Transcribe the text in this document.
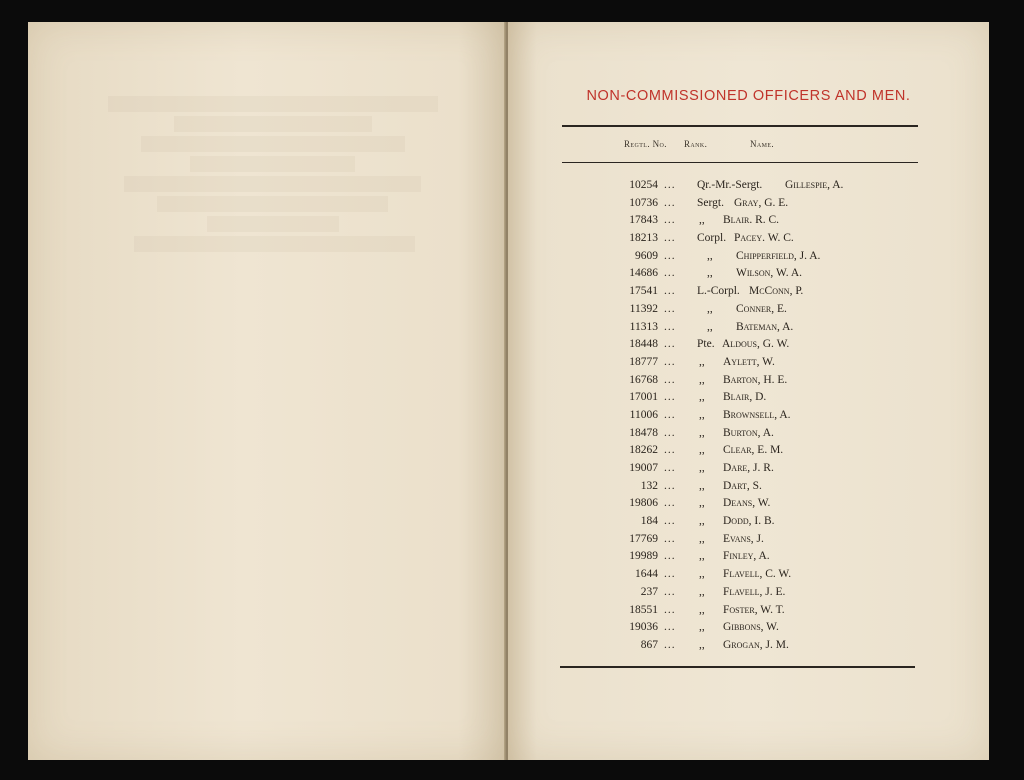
NON-COMMISSIONED OFFICERS AND MEN.
Regtl. No. Rank.	Name.
10254 ... Qr.-Mr.-Sergt. Gillespie, A.
10736 ... Sergt. Gray, G. E.
17843 ... ,, Blair. R. C.
18213 ... Corpl. Pacey. W. C.
9609 ...	,, Chipperfield, J. A.
14686 ...	,, Wilson, W. A.
17541 ... L.-Corpl. McConn, P.
11392 ...	,, Conner, E.
11313 ...	,, Bateman, A.
18448 ... Pte. Aldous, G. W.
18777 ... ,, Aylett, W.
16768 ... ,, Barton, H. E.
17001 ... ,, Blair, D.
11006 ... ,, Brownsell, A.
18478 ... ,, Burton, A.
18262 ... ,, Clear, E. M.
19007 ... ,, Dare, J. R.
132 ... ,, Dart, S.
19806 ... ,, Deans, W.
184 ... ,, Dodd, I. B.
17769 ... ,, Evans, J.
19989 ... ,, Finley, A.
1644 ... ,, Flavell, C. W.
237 ... ,, Flavell, J. E.
18551 ... ,, Foster, W. T.
19036 ... ,, Gibbons, W.
867 ... ,, Grogan, J. M.
